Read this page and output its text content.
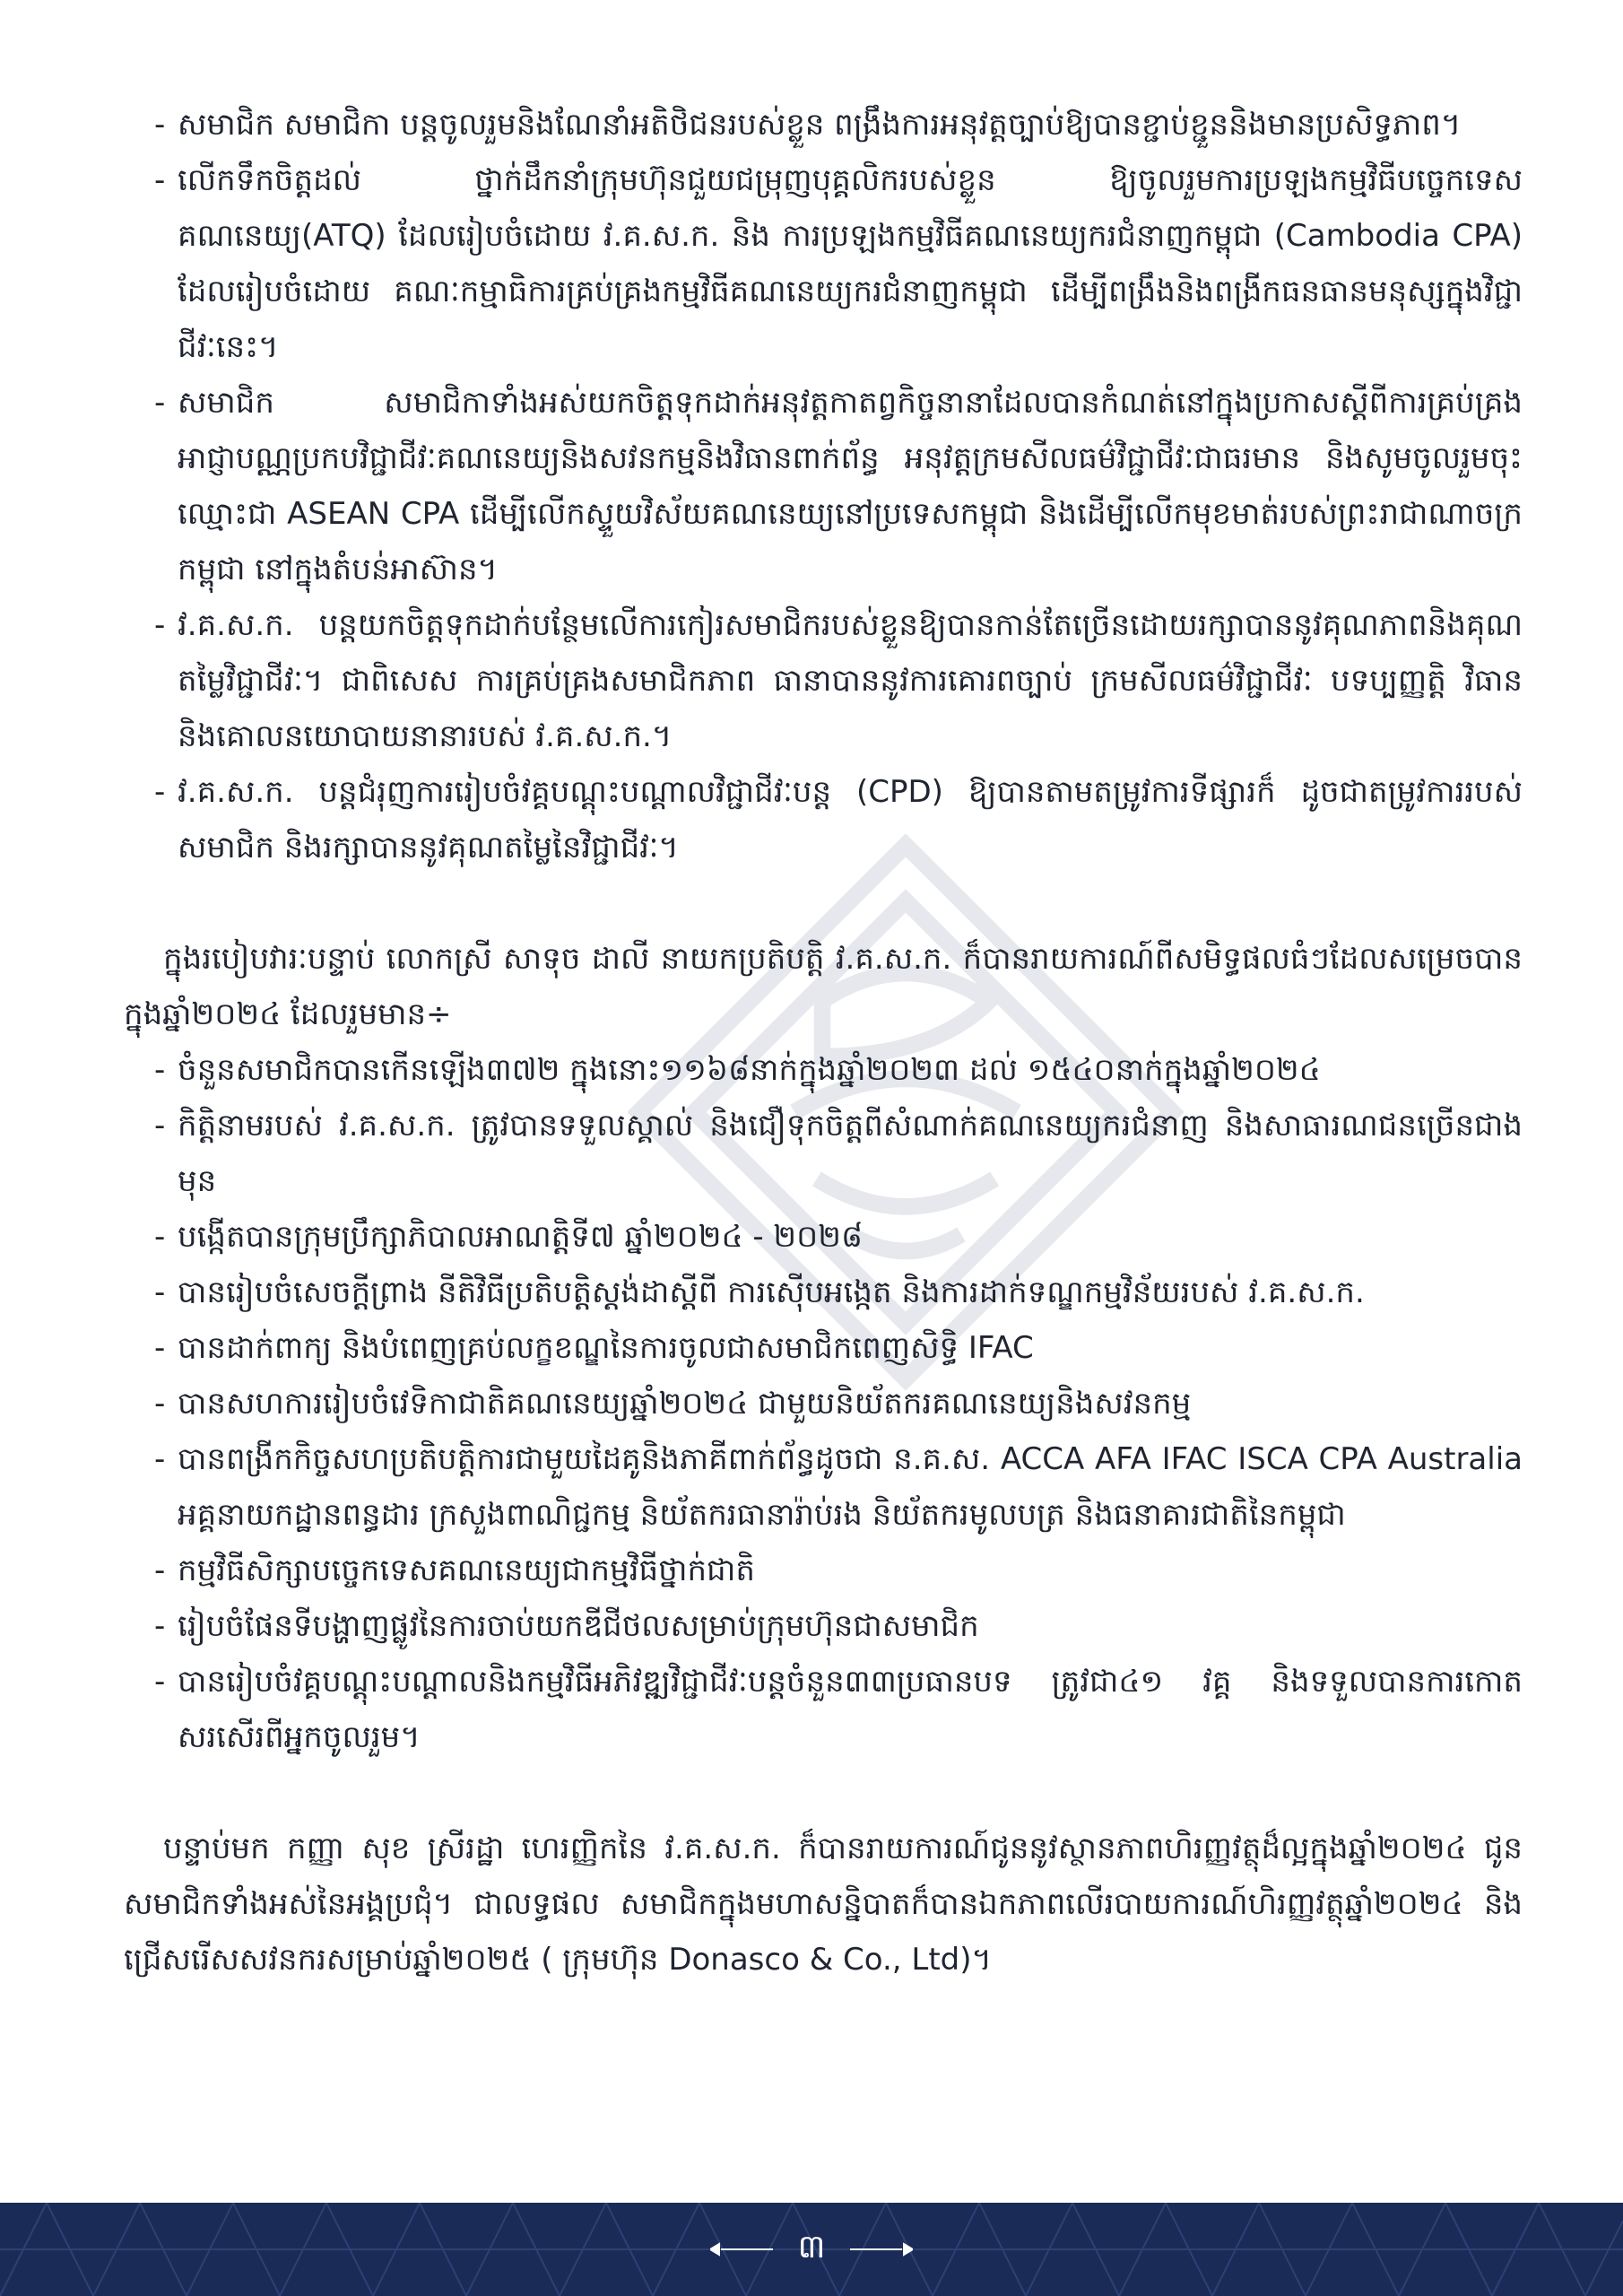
- សមាជិក សមាជិកា បន្តចូលរួមនិងណែនាំអតិថិជនរបស់ខ្លួន ពង្រឹងការអនុវត្តច្បាប់ឱ្យបានខ្ជាប់ខ្ជួននិងមានប្រសិទ្ធភាព។
- លើកទឹកចិត្តដល់ ថ្នាក់ដឹកនាំក្រុមហ៊ុនជួយជម្រុញបុគ្គលិករបស់ខ្លួន ឱ្យចូលរួមការប្រឡងកម្មវិធីបច្ចេកទេសគណនេយ្យ(ATQ) ដែលរៀបចំដោយ វ.គ.ស.ក. និង ការប្រឡងកម្មវិធីគណនេយ្យករជំនាញកម្ពុជា (Cambodia CPA) ដែលរៀបចំដោយ គណៈកម្មាធិការគ្រប់គ្រងកម្មវិធីគណនេយ្យករជំនាញកម្ពុជា ដើម្បីពង្រឹងនិងពង្រីកធនធានមនុស្សក្នុងវិជ្ជាជីវៈនេះ។
- សមាជិក សមាជិកាទាំងអស់យកចិត្តទុកដាក់អនុវត្តកាតព្វកិច្ចនានាដែលបានកំណត់នៅក្នុងប្រកាសស្តីពីការគ្រប់គ្រងអាជ្ញាបណ្ណប្រកបវិជ្ជាជីវៈគណនេយ្យនិងសវនកម្មនិងវិធានពាក់ព័ន្ធ អនុវត្តក្រមសីលធម៌វិជ្ជាជីវៈជាធរមាន និងសូមចូលរួមចុះ ឈ្មោះជា ASEAN CPA ដើម្បីលើកស្ទួយវិស័យគណនេយ្យនៅប្រទេសកម្ពុជា និងដើម្បីលើកមុខមាត់របស់ព្រះរាជាណាចក្រកម្ពុជា នៅក្នុងតំបន់អាស៊ាន។
- វ.គ.ស.ក. បន្តយកចិត្តទុកដាក់បន្ថែមលើការកៀរសមាជិករបស់ខ្លួនឱ្យបានកាន់តែច្រើនដោយរក្សាបាននូវគុណភាពនិងគុណតម្លៃវិជ្ជាជីវៈ។ ជាពិសេស ការគ្រប់គ្រងសមាជិកភាព ធានាបាននូវការគោរពច្បាប់ ក្រមសីលធម៌វិជ្ជាជីវៈ បទប្បញ្ញត្តិ វិធាន និងគោលនយោបាយនានារបស់ វ.គ.ស.ក.។
- វ.គ.ស.ក. បន្តជំរុញការរៀបចំវគ្គបណ្តុះបណ្តាលវិជ្ជាជីវៈបន្ត (CPD) ឱ្យបានតាមតម្រូវការទីផ្សារក៏ ដូចជាតម្រូវការរបស់សមាជិក និងរក្សាបាននូវគុណតម្លៃនៃវិជ្ជាជីវៈ។

ក្នុងរបៀបវារៈបន្ទាប់ លោកស្រី សាទុច ដាលី នាយកប្រតិបត្តិ វ.គ.ស.ក. ក៏បានរាយការណ៍ពីសមិទ្ធផលធំៗដែលសម្រេចបានក្នុងឆ្នាំ២០២៤ ដែលរួមមាន÷

- ចំនួនសមាជិកបានកើនឡើង៣៧២ ក្នុងនោះ១១៦៨នាក់ក្នុងឆ្នាំ២០២៣ ដល់ ១៥៤០នាក់ក្នុងឆ្នាំ២០២៤
- កិត្តិនាមរបស់ វ.គ.ស.ក. ត្រូវបានទទួលស្គាល់ និងជឿទុកចិត្តពីសំណាក់គណនេយ្យករជំនាញ និងសាធារណជនច្រើនជាងមុន
- បង្កើតបានក្រុមប្រឹក្សាភិបាលអាណត្តិទី៧ ឆ្នាំ២០២៤ - ២០២៨
- បានរៀបចំសេចក្តីព្រាង នីតិវិធីប្រតិបត្តិស្តង់ដាស្តីពី ការស៊ើបអង្កេត និងការដាក់ទណ្ឌកម្មវិន័យរបស់ វ.គ.ស.ក.
- បានដាក់ពាក្យ និងបំពេញគ្រប់លក្ខខណ្ឌនៃការចូលជាសមាជិកពេញសិទ្ធិ IFAC
- បានសហការរៀបចំវេទិកាជាតិគណនេយ្យឆ្នាំ២០២៤ ជាមួយនិយ័តករគណនេយ្យនិងសវនកម្ម
- បានពង្រីកកិច្ចសហប្រតិបត្តិការជាមួយដៃគូនិងភាគីពាក់ព័ន្ធដូចជា ន.គ.ស. ACCA AFA IFAC ISCA CPA Australia អគ្គនាយកដ្ឋានពន្ធដារ ក្រសួងពាណិជ្ជកម្ម និយ័តករធានារ៉ាប់រង និយ័តករមូលបត្រ និងធនាគារជាតិនៃកម្ពុជា
- កម្មវិធីសិក្សាបច្ចេកទេសគណនេយ្យជាកម្មវិធីថ្នាក់ជាតិ
- រៀបចំផែនទីបង្ហាញផ្លូវនៃការចាប់យកឌីជីថលសម្រាប់ក្រុមហ៊ុនជាសមាជិក
- បានរៀបចំវគ្គបណ្តុះបណ្តាលនិងកម្មវិធីអភិវឌ្ឍវិជ្ជាជីវៈបន្តចំនួន៣៣ប្រធានបទ ត្រូវជា៤១ វគ្គ និងទទួលបានការកោតសរសើរពីអ្នកចូលរួម។

បន្ទាប់មក កញ្ញា សុខ ស្រីរដ្ឋា ហេរញ្ញិកនៃ វ.គ.ស.ក. ក៏បានរាយការណ៍ជូននូវស្ថានភាពហិរញ្ញវត្ថុដ៏ល្អក្នុងឆ្នាំ២០២៤ ជូនសមាជិកទាំងអស់នៃអង្គប្រជុំ។ ជាលទ្ធផល សមាជិកក្នុងមហាសន្និបាតក៏បានឯកភាពលើរបាយការណ៍ហិរញ្ញវត្ថុឆ្នាំ២០២៤ និងជ្រើសរើសសវនករសម្រាប់ឆ្នាំ២០២៥ ( ក្រុមហ៊ុន Donasco & Co., Ltd)។

៣
